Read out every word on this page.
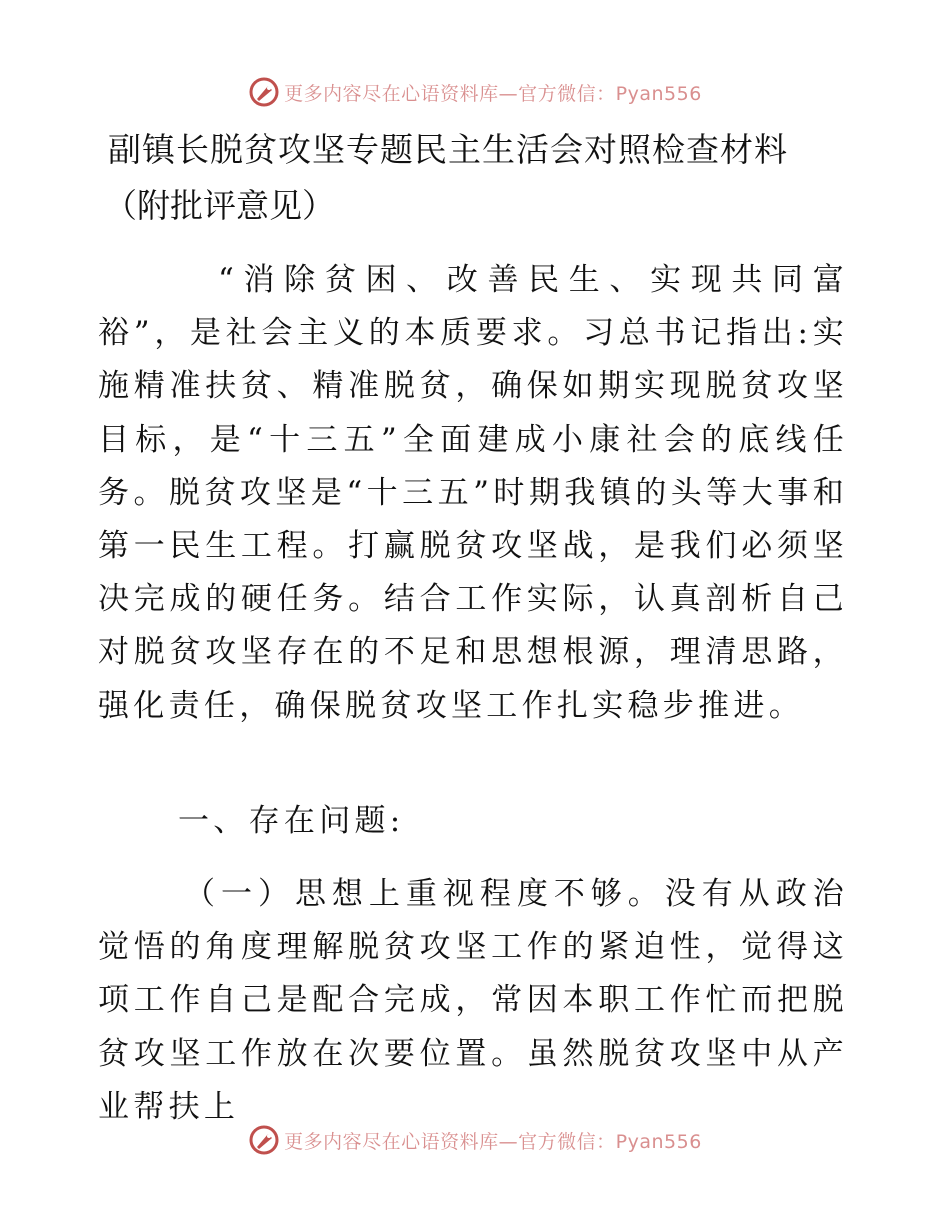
更多内容尽在心语资料库—官方微信：Pyan556
副镇长脱贫攻坚专题民主生活会对照检查材料
（附批评意见）
“消除贫困、改善民生、实现共同富裕”，是社会主义的本质要求。习总书记指出:实施精准扶贫、精准脱贫，确保如期实现脱贫攻坚目标，是“十三五”全面建成小康社会的底线任务。脱贫攻坚是“十三五”时期我镇的头等大事和第一民生工程。打赢脱贫攻坚战，是我们必须坚决完成的硬任务。结合工作实际，认真剖析自己对脱贫攻坚存在的不足和思想根源，理清思路，强化责任，确保脱贫攻坚工作扎实稳步推进。
一、存在问题:
（一）思想上重视程度不够。没有从政治觉悟的角度理解脱贫攻坚工作的紧迫性，觉得这项工作自己是配合完成，常因本职工作忙而把脱贫攻坚工作放在次要位置。虽然脱贫攻坚中从产业帮扶上
更多内容尽在心语资料库—官方微信：Pyan556
